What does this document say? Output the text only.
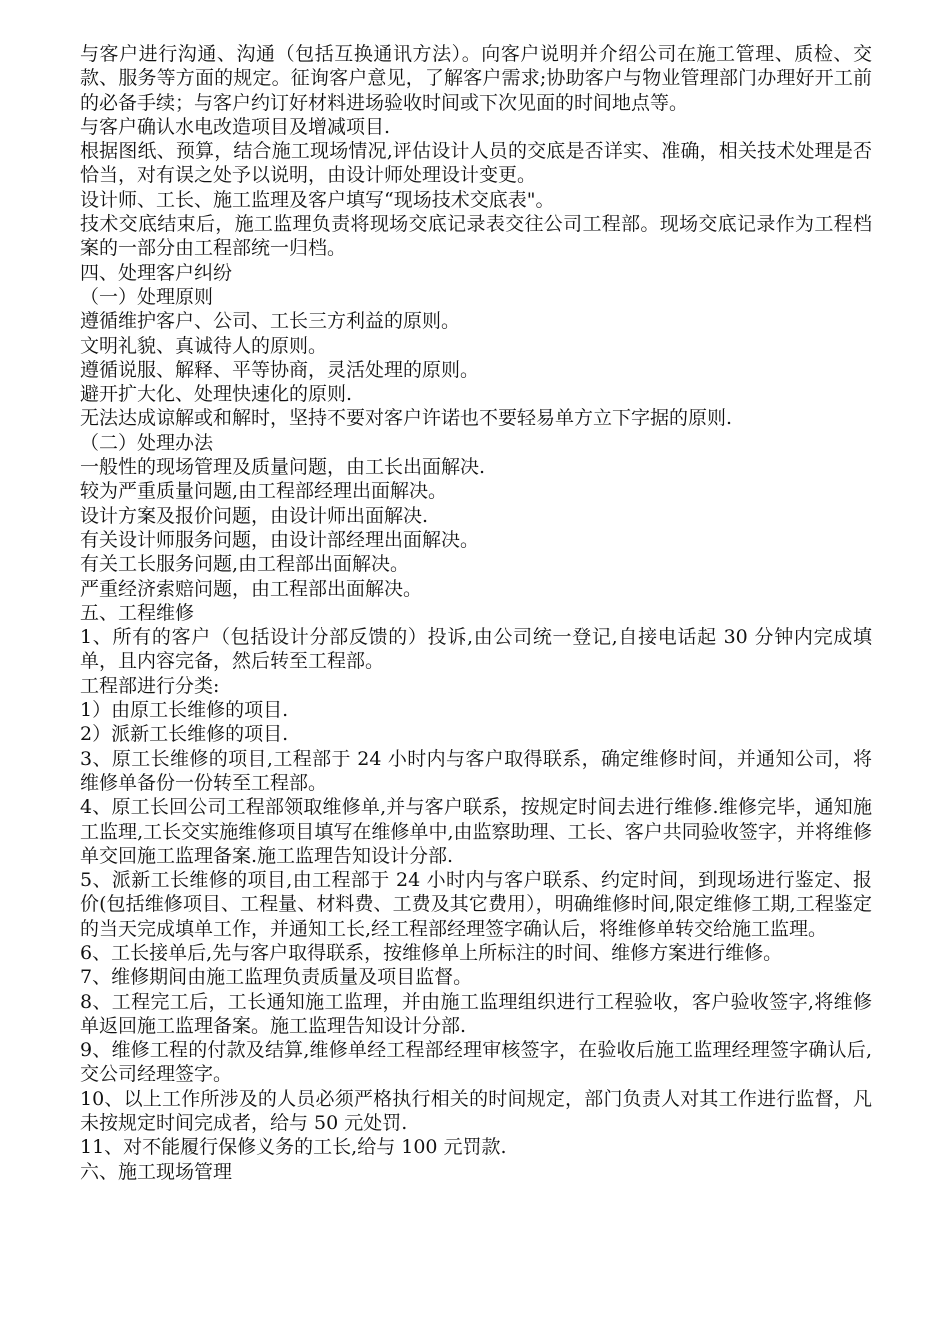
与客户进行沟通、沟通（包括互换通讯方法）。向客户说明并介绍公司在施工管理、质检、交款、服务等方面的规定。征询客户意见，了解客户需求;协助客户与物业管理部门办理好开工前的必备手续；与客户约订好材料进场验收时间或下次见面的时间地点等。

与客户确认水电改造项目及增减项目.

根据图纸、预算，结合施工现场情况,评估设计人员的交底是否详实、准确，相关技术处理是否恰当，对有误之处予以说明，由设计师处理设计变更。

设计师、工长、施工监理及客户填写“现场技术交底表"。

技术交底结束后，施工监理负责将现场交底记录表交往公司工程部。现场交底记录作为工程档案的一部分由工程部统一归档。

四、处理客户纠纷

（一）处理原则

遵循维护客户、公司、工长三方利益的原则。

文明礼貌、真诚待人的原则。

遵循说服、解释、平等协商，灵活处理的原则。

避开扩大化、处理快速化的原则.

无法达成谅解或和解时，坚持不要对客户许诺也不要轻易单方立下字据的原则.

（二）处理办法

一般性的现场管理及质量问题，由工长出面解决.

较为严重质量问题,由工程部经理出面解决。

设计方案及报价问题，由设计师出面解决.

有关设计师服务问题，由设计部经理出面解决。

有关工长服务问题,由工程部出面解决。

严重经济索赔问题，由工程部出面解决。

五、工程维修

1、所有的客户（包括设计分部反馈的）投诉,由公司统一登记,自接电话起 30 分钟内完成填单，且内容完备，然后转至工程部。

工程部进行分类:

1）由原工长维修的项目.

2）派新工长维修的项目.

3、原工长维修的项目,工程部于 24 小时内与客户取得联系，确定维修时间，并通知公司，将维修单备份一份转至工程部。

4、原工长回公司工程部领取维修单,并与客户联系，按规定时间去进行维修.维修完毕，通知施工监理,工长交实施维修项目填写在维修单中,由监察助理、工长、客户共同验收签字，并将维修单交回施工监理备案.施工监理告知设计分部.

5、派新工长维修的项目,由工程部于 24 小时内与客户联系、约定时间，到现场进行鉴定、报价(包括维修项目、工程量、材料费、工费及其它费用），明确维修时间,限定维修工期,工程鉴定的当天完成填单工作，并通知工长,经工程部经理签字确认后，将维修单转交给施工监理。

6、工长接单后,先与客户取得联系，按维修单上所标注的时间、维修方案进行维修。

7、维修期间由施工监理负责质量及项目监督。

8、工程完工后，工长通知施工监理，并由施工监理组织进行工程验收，客户验收签字,将维修单返回施工监理备案。施工监理告知设计分部.

9、维修工程的付款及结算,维修单经工程部经理审核签字，在验收后施工监理经理签字确认后,交公司经理签字。

10、以上工作所涉及的人员必须严格执行相关的时间规定，部门负责人对其工作进行监督，凡未按规定时间完成者，给与 50 元处罚.

11、对不能履行保修义务的工长,给与 100 元罚款.

六、施工现场管理
